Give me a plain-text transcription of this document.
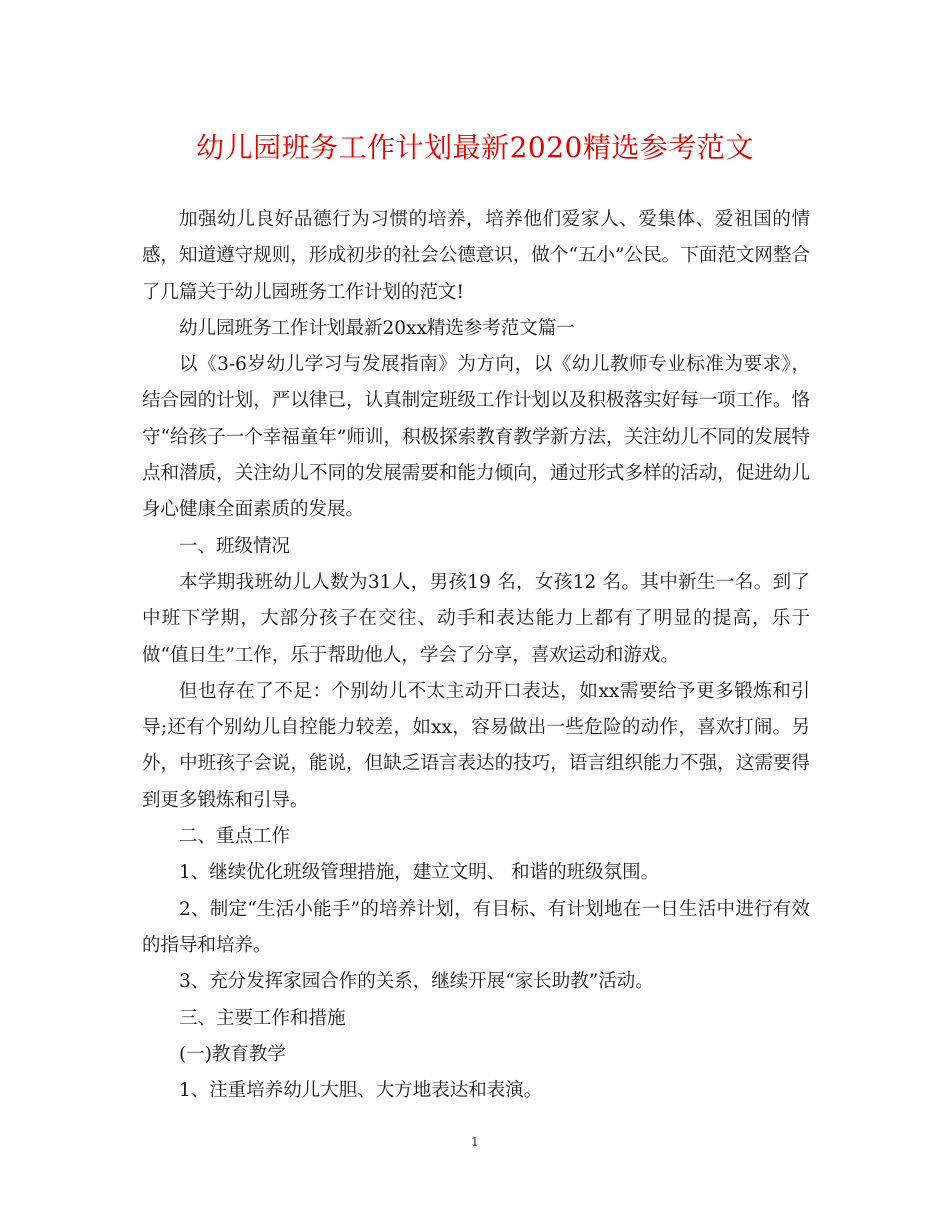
幼儿园班务工作计划最新2020精选参考范文

加强幼儿良好品德行为习惯的培养，培养他们爱家人、爱集体、爱祖国的情感，知道遵守规则，形成初步的社会公德意识，做个“五小”公民。下面范文网整合了几篇关于幼儿园班务工作计划的范文!

幼儿园班务工作计划最新20xx精选参考范文篇一

以《3-6岁幼儿学习与发展指南》为方向，以《幼儿教师专业标准为要求》，结合园的计划，严以律已，认真制定班级工作计划以及积极落实好每一项工作。恪守“给孩子一个幸福童年”师训，积极探索教育教学新方法，关注幼儿不同的发展特点和潜质，关注幼儿不同的发展需要和能力倾向，通过形式多样的活动，促进幼儿身心健康全面素质的发展。

一、班级情况

本学期我班幼儿人数为31人，男孩19 名，女孩12 名。其中新生一名。到了中班下学期，大部分孩子在交往、动手和表达能力上都有了明显的提高，乐于做“值日生”工作，乐于帮助他人，学会了分享，喜欢运动和游戏。

但也存在了不足：个别幼儿不太主动开口表达，如xx需要给予更多锻炼和引导;还有个别幼儿自控能力较差，如xx，容易做出一些危险的动作，喜欢打闹。另外，中班孩子会说，能说，但缺乏语言表达的技巧，语言组织能力不强，这需要得到更多锻炼和引导。

二、重点工作

1、继续优化班级管理措施，建立文明、 和谐的班级氛围。

2、制定“生活小能手”的培养计划，有目标、有计划地在一日生活中进行有效的指导和培养。

3、充分发挥家园合作的关系，继续开展“家长助教”活动。

三、主要工作和措施

(一)教育教学

1、注重培养幼儿大胆、大方地表达和表演。

1
